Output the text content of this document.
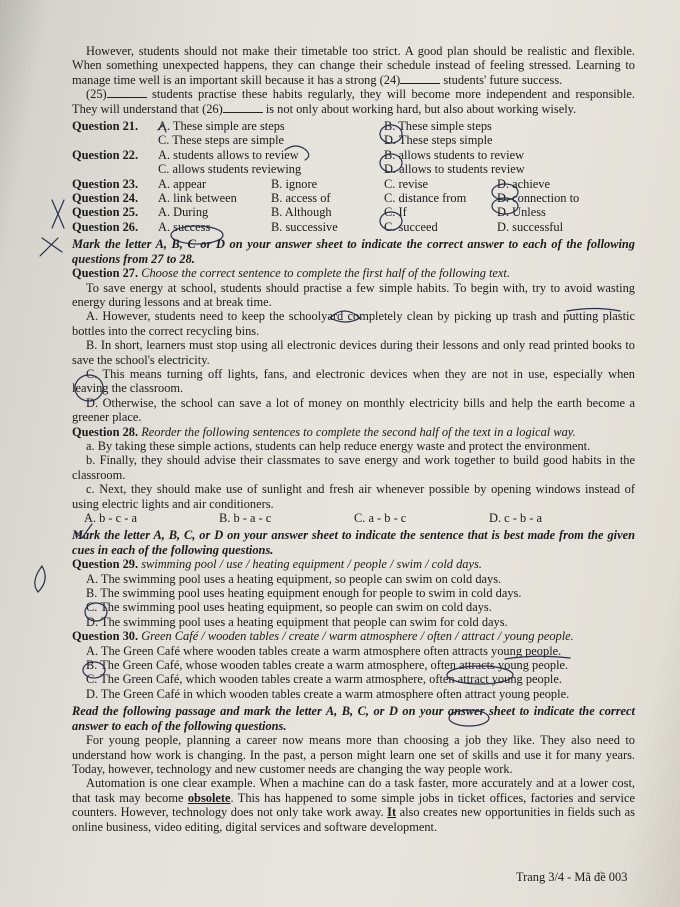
However, students should not make their timetable too strict. A good plan should be realistic and flexible. When something unexpected happens, they can change their schedule instead of feeling stressed. Learning to manage time well is an important skill because it has a strong (24)	students' future success.

(25)	students practise these habits regularly, they will become more independent and responsible. They will understand that (26)	is not only about working hard, but also about working wisely.

Question 21.	A. These simple are steps	B. These simple steps
C. These steps are simple	D. These steps simple
Question 22.	A. students allows to review	B. allows students to review
C. allows students reviewing	D. allows to students review
Question 23.	A. appear	B. ignore	C. revise	D. achieve
Question 24.	A. link between	B. access of	C. distance from	D. connection to
Question 25.	A. During	B. Although	C. If	D. Unless
Question 26.	A. success	B. successive	C. succeed	D. successful

Mark the letter A, B, C or D on your answer sheet to indicate the correct answer to each of the following questions from 27 to 28.

Question 27. Choose the correct sentence to complete the first half of the following text.

To save energy at school, students should practise a few simple habits. To begin with, try to avoid wasting energy during lessons and at break time.

A. However, students need to keep the schoolyard completely clean by picking up trash and putting plastic bottles into the correct recycling bins.

B. In short, learners must stop using all electronic devices during their lessons and only read printed books to save the school's electricity.

C. This means turning off lights, fans, and electronic devices when they are not in use, especially when leaving the classroom.

D. Otherwise, the school can save a lot of money on monthly electricity bills and help the earth become a greener place.

Question 28. Reorder the following sentences to complete the second half of the text in a logical way.

a. By taking these simple actions, students can help reduce energy waste and protect the environment.

b. Finally, they should advise their classmates to save energy and work together to build good habits in the classroom.

c. Next, they should make use of sunlight and fresh air whenever possible by opening windows instead of using electric lights and air conditioners.

A. b - c - a	B. b - a - c	C. a - b - c	D. c - b - a

Mark the letter A, B, C, or D on your answer sheet to indicate the sentence that is best made from the given cues in each of the following questions.

Question 29. swimming pool / use / heating equipment / people / swim / cold days.

A. The swimming pool uses a heating equipment, so people can swim on cold days.

B. The swimming pool uses heating equipment enough for people to swim in cold days.

C. The swimming pool uses heating equipment, so people can swim on cold days.

D. The swimming pool uses a heating equipment that people can swim for cold days.

Question 30. Green Café / wooden tables / create / warm atmosphere / often / attract / young people.

A. The Green Café where wooden tables create a warm atmosphere often attracts young people.

B. The Green Café, whose wooden tables create a warm atmosphere, often attracts young people.

C. The Green Café, which wooden tables create a warm atmosphere, often attract young people.

D. The Green Café in which wooden tables create a warm atmosphere often attract young people.

Read the following passage and mark the letter A, B, C, or D on your answer sheet to indicate the correct answer to each of the following questions.

For young people, planning a career now means more than choosing a job they like. They also need to understand how work is changing. In the past, a person might learn one set of skills and use it for many years. Today, however, technology and new customer needs are changing the way people work.

Automation is one clear example. When a machine can do a task faster, more accurately and at a lower cost, that task may become obsolete. This has happened to some simple jobs in ticket offices, factories and service counters. However, technology does not only take work away. It also creates new opportunities in fields such as online business, video editing, digital services and software development.

Trang 3/4 - Mã đề 003
